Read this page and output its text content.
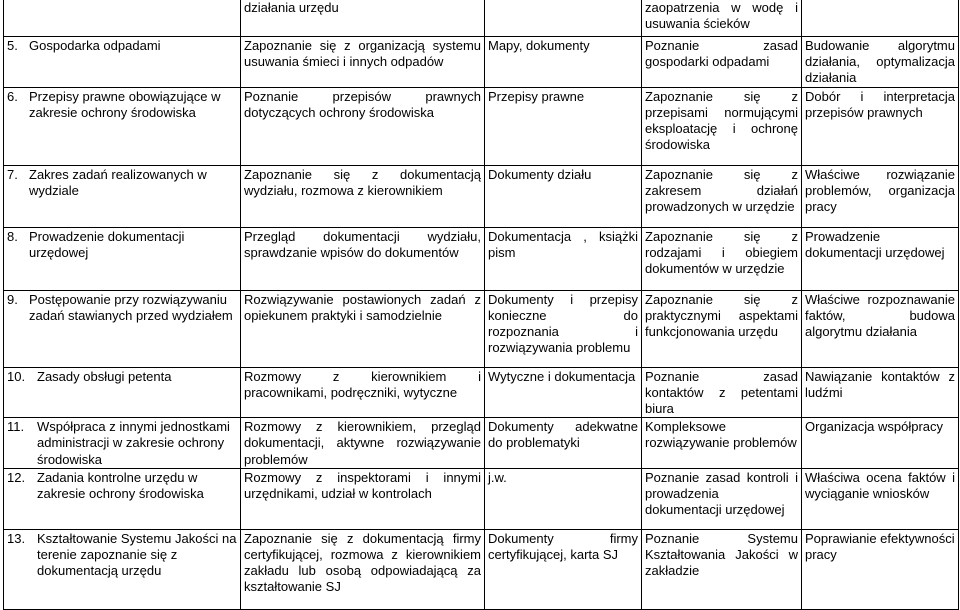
	działania urzędu		zaopatrzenia w wodę i usuwania ścieków	

5. Gospodarka odpadami	Zapoznanie się z organizacją systemu usuwania śmieci i innych odpadów	Mapy, dokumenty	Poznanie zasad gospodarki odpadami	Budowanie algorytmu działania, optymalizacja działania

6. Przepisy prawne obowiązujące w zakresie ochrony środowiska	Poznanie przepisów prawnych dotyczących ochrony środowiska	Przepisy prawne	Zapoznanie się z przepisami normującymi eksploatację i ochronę środowiska	Dobór i interpretacja przepisów prawnych

7. Zakres zadań realizowanych w wydziale	Zapoznanie się z dokumentacją wydziału, rozmowa z kierownikiem	Dokumenty działu	Zapoznanie się z zakresem działań prowadzonych w urzędzie	Właściwe rozwiązanie problemów, organizacja pracy

8. Prowadzenie dokumentacji urzędowej	Przegląd dokumentacji wydziału, sprawdzanie wpisów do dokumentów	Dokumentacja , książki pism	Zapoznanie się z rodzajami i obiegiem dokumentów w urzędzie	Prowadzenie dokumentacji urzędowej

9. Postępowanie przy rozwiązywaniu zadań stawianych przed wydziałem	Rozwiązywanie postawionych zadań z opiekunem praktyki i samodzielnie	Dokumenty i przepisy konieczne do rozpoznania i rozwiązywania problemu	Zapoznanie się z praktycznymi aspektami funkcjonowania urzędu	Właściwe rozpoznawanie faktów, budowa algorytmu działania

10. Zasady obsługi petenta	Rozmowy z kierownikiem i pracownikami, podręczniki, wytyczne	Wytyczne i dokumentacja	Poznanie zasad kontaktów z petentami biura	Nawiązanie kontaktów z ludźmi

11. Współpraca z innymi jednostkami administracji w zakresie ochrony środowiska	Rozmowy z kierownikiem, przegląd dokumentacji, aktywne rozwiązywanie problemów	Dokumenty adekwatne do problematyki	Kompleksowe rozwiązywanie problemów	Organizacja współpracy

12. Zadania kontrolne urzędu w zakresie ochrony środowiska	Rozmowy z inspektorami i innymi urzędnikami, udział w kontrolach	j.w.	Poznanie zasad kontroli i prowadzenia dokumentacji urzędowej	Właściwa ocena faktów i wyciąganie wniosków

13. Kształtowanie Systemu Jakości na terenie zapoznanie się z dokumentacją urzędu	Zapoznanie się z dokumentacją firmy certyfikującej, rozmowa z kierownikiem zakładu lub osobą odpowiadającą za kształtowanie SJ	Dokumenty firmy certyfikującej, karta SJ	Poznanie Systemu Kształtowania Jakości w zakładzie	Poprawianie efektywności pracy
